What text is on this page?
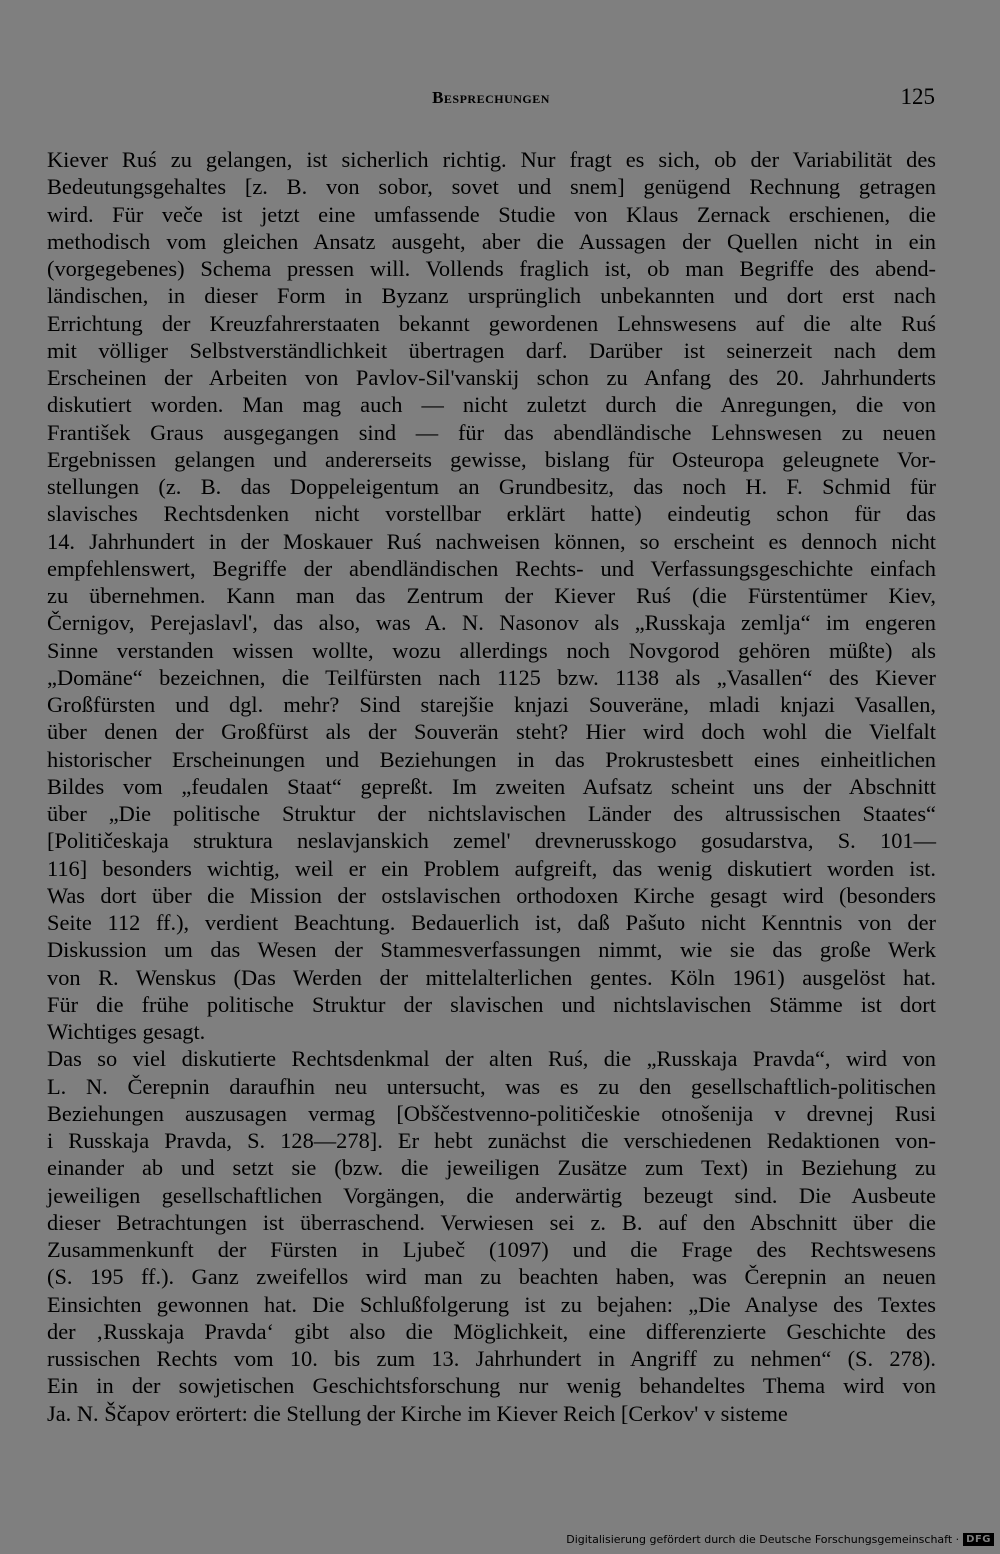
Besprechungen	125
Kiever Ruś zu gelangen, ist sicherlich richtig. Nur fragt es sich, ob der Variabilität des
Bedeutungsgehaltes [z. B. von sobor, sovet und snem] genügend Rechnung getragen
wird. Für veče ist jetzt eine umfassende Studie von Klaus Zernack erschienen, die
methodisch vom gleichen Ansatz ausgeht, aber die Aussagen der Quellen nicht in ein
(vorgegebenes) Schema pressen will. Vollends fraglich ist, ob man Begriffe des abend-
ländischen, in dieser Form in Byzanz ursprünglich unbekannten und dort erst nach
Errichtung der Kreuzfahrerstaaten bekannt gewordenen Lehnswesens auf die alte Ruś
mit völliger Selbstverständlichkeit übertragen darf. Darüber ist seinerzeit nach dem
Erscheinen der Arbeiten von Pavlov-Sil'vanskij schon zu Anfang des 20. Jahrhunderts
diskutiert worden. Man mag auch — nicht zuletzt durch die Anregungen, die von
František Graus ausgegangen sind — für das abendländische Lehnswesen zu neuen
Ergebnissen gelangen und andererseits gewisse, bislang für Osteuropa geleugnete Vor-
stellungen (z. B. das Doppeleigentum an Grundbesitz, das noch H. F. Schmid für
slavisches Rechtsdenken nicht vorstellbar erklärt hatte) eindeutig schon für das
14. Jahrhundert in der Moskauer Ruś nachweisen können, so erscheint es dennoch nicht
empfehlenswert, Begriffe der abendländischen Rechts- und Verfassungsgeschichte einfach
zu übernehmen. Kann man das Zentrum der Kiever Ruś (die Fürstentümer Kiev,
Černigov, Perejaslavl', das also, was A. N. Nasonov als „Russkaja zemlja“ im engeren
Sinne verstanden wissen wollte, wozu allerdings noch Novgorod gehören müßte) als
„Domäne“ bezeichnen, die Teilfürsten nach 1125 bzw. 1138 als „Vasallen“ des Kiever
Großfürsten und dgl. mehr? Sind starejšie knjazi Souveräne, mladi knjazi Vasallen,
über denen der Großfürst als der Souverän steht? Hier wird doch wohl die Vielfalt
historischer Erscheinungen und Beziehungen in das Prokrustesbett eines einheitlichen
Bildes vom „feudalen Staat“ gepreßt. Im zweiten Aufsatz scheint uns der Abschnitt
über „Die politische Struktur der nichtslavischen Länder des altrussischen Staates“
[Političeskaja struktura neslavjanskich zemel' drevnerusskogo gosudarstva, S. 101—
116] besonders wichtig, weil er ein Problem aufgreift, das wenig diskutiert worden ist.
Was dort über die Mission der ostslavischen orthodoxen Kirche gesagt wird (besonders
Seite 112 ff.), verdient Beachtung. Bedauerlich ist, daß Pašuto nicht Kenntnis von der
Diskussion um das Wesen der Stammesverfassungen nimmt, wie sie das große Werk
von R. Wenskus (Das Werden der mittelalterlichen gentes. Köln 1961) ausgelöst hat.
Für die frühe politische Struktur der slavischen und nichtslavischen Stämme ist dort
Wichtiges gesagt.
Das so viel diskutierte Rechtsdenkmal der alten Ruś, die „Russkaja Pravda“, wird von
L. N. Čerepnin daraufhin neu untersucht, was es zu den gesellschaftlich-politischen
Beziehungen auszusagen vermag [Obščestvenno-političeskie otnošenija v drevnej Rusi
i Russkaja Pravda, S. 128—278]. Er hebt zunächst die verschiedenen Redaktionen von-
einander ab und setzt sie (bzw. die jeweiligen Zusätze zum Text) in Beziehung zu
jeweiligen gesellschaftlichen Vorgängen, die anderwärtig bezeugt sind. Die Ausbeute
dieser Betrachtungen ist überraschend. Verwiesen sei z. B. auf den Abschnitt über die
Zusammenkunft der Fürsten in Ljubeč (1097) und die Frage des Rechtswesens
(S. 195 ff.). Ganz zweifellos wird man zu beachten haben, was Čerepnin an neuen
Einsichten gewonnen hat. Die Schlußfolgerung ist zu bejahen: „Die Analyse des Textes
der ‚Russkaja Pravda‘ gibt also die Möglichkeit, eine differenzierte Geschichte des
russischen Rechts vom 10. bis zum 13. Jahrhundert in Angriff zu nehmen“ (S. 278).
Ein in der sowjetischen Geschichtsforschung nur wenig behandeltes Thema wird von
Ja. N. Ščapov erörtert: die Stellung der Kirche im Kiever Reich [Cerkov' v sisteme
Digitalisierung gefördert durch die Deutsche Forschungsgemeinschaft · DFG
